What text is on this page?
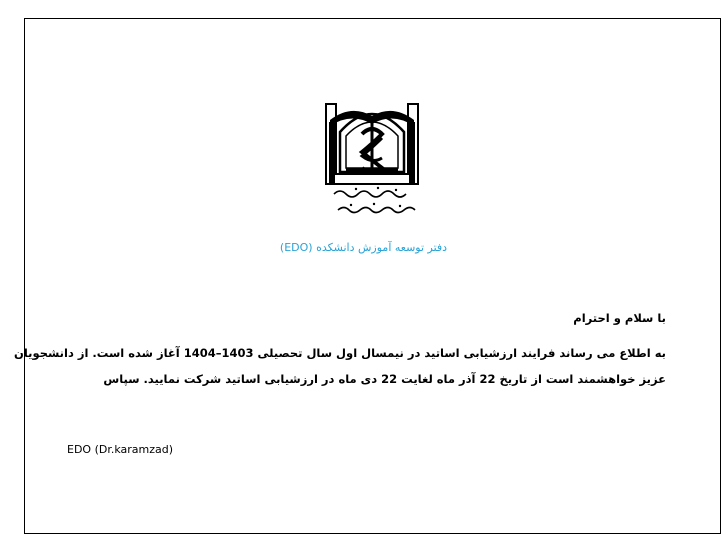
دفتر توسعه آموزش دانشکده (EDO)
با سلام و احترام
به اطلاع می رساند فرایند ارزشیابی اساتید در نیمسال اول سال تحصیلی 1403–1404 آغاز شده است. از دانشجویان
عزیز خواهشمند است از تاریخ 22 آذر ماه لغایت 22 دی ماه در ارزشیابی اساتید شرکت نمایید. سپاس
EDO (Dr.karamzad)
